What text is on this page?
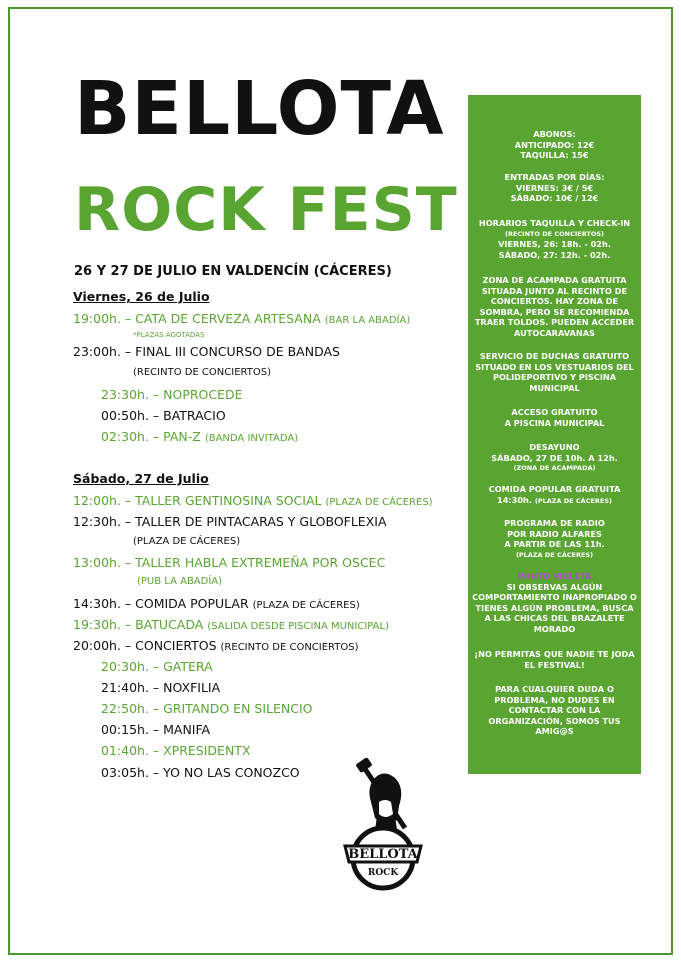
BELLOTA
ROCK FEST
26 Y 27 DE JULIO EN VALDENCÍN (CÁCERES)
Viernes, 26 de Julio
19:00h. – CATA DE CERVEZA ARTESANA (BAR LA ABADÍA)
*PLAZAS AGOTADAS
23:00h. – FINAL III CONCURSO DE BANDAS
(RECINTO DE CONCIERTOS)
23:30h. – NOPROCEDE
00:50h. – BATRACIO
02:30h. – PAN-Z (BANDA INVITADA)
Sábado, 27 de Julio
12:00h. – TALLER GENTINOSINA SOCIAL (PLAZA DE CÁCERES)
12:30h. – TALLER DE PINTACARAS Y GLOBOFLEXIA
(PLAZA DE CÁCERES)
13:00h. – TALLER HABLA EXTREMEÑA POR OSCEC
(PUB LA ABADÍA)
14:30h. – COMIDA POPULAR (PLAZA DE CÁCERES)
19:30h. – BATUCADA (SALIDA DESDE PISCINA MUNICIPAL)
20:00h. – CONCIERTOS (RECINTO DE CONCIERTOS)
20:30h. – GATERA
21:40h. – NOXFILIA
22:50h. – GRITANDO EN SILENCIO
00:15h. – MANIFA
01:40h. – XPRESIDENTX
03:05h. – YO NO LAS CONOZCO
ABONOS:
ANTICIPADO: 12€
TAQUILLA: 15€
ENTRADAS POR DÍAS:
VIERNES: 3€ / 5€
SÁBADO: 10€ / 12€
HORARIOS TAQUILLA Y CHECK-IN
(RECINTO DE CONCIERTOS)
VIERNES, 26: 18h. - 02h.
SÁBADO, 27: 12h. - 02h.
ZONA DE ACAMPADA GRATUITA
SITUADA JUNTO AL RECINTO DE
CONCIERTOS. HAY ZONA DE
SOMBRA, PERO SE RECOMIENDA
TRAER TOLDOS. PUEDEN ACCEDER
AUTOCARAVANAS
SERVICIO DE DUCHAS GRATUITO
SITUADO EN LOS VESTUARIOS DEL
POLIDEPORTIVO Y PISCINA
MUNICIPAL
ACCESO GRATUITO
A PISCINA MUNICIPAL
DESAYUNO
SÁBADO, 27 DE 10h. A 12h.
(ZONA DE ACAMPADA)
COMIDA POPULAR GRATUITA
14:30h. (PLAZA DE CÁCERES)
PROGRAMA DE RADIO
POR RADIO ALFARES
A PARTIR DE LAS 11h.
(PLAZA DE CÁCERES)
PUNTO VIOLETA
SI OBSERVAS ALGÚN
COMPORTAMIENTO INAPROPIADO O
TIENES ALGÚN PROBLEMA, BUSCA
A LAS CHICAS DEL BRAZALETE
MORADO
¡NO PERMITAS QUE NADIE TE JODA
EL FESTIVAL!
PARA CUALQUIER DUDA O
PROBLEMA, NO DUDES EN
CONTACTAR CON LA
ORGANIZACIÓN, SOMOS TUS
AMIG@S
BELLOTA
ROCK
